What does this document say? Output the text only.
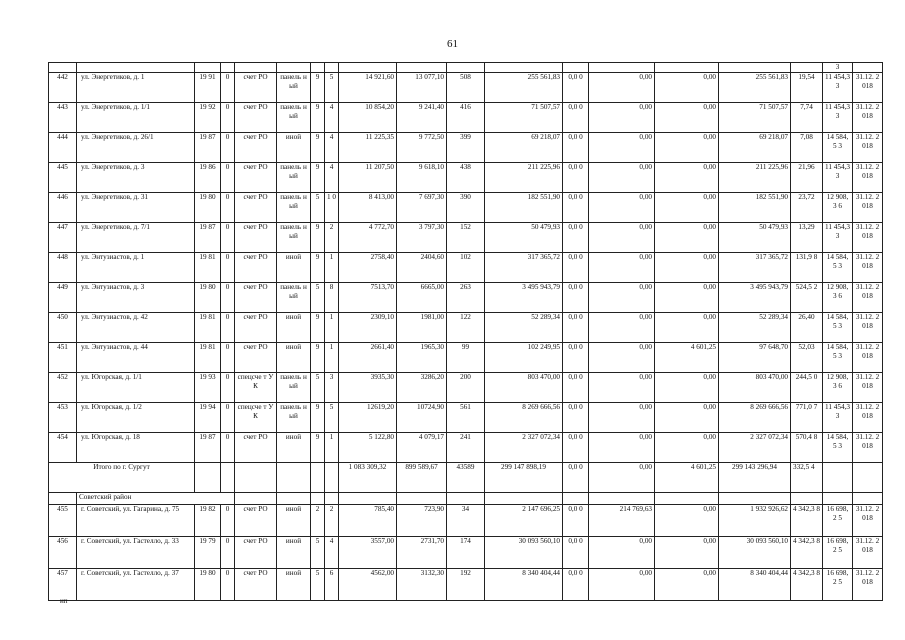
61
																	3	
442	ул. Энергетиков, д. 1	19 91	0	счет РО	панель ный	9	5	14 921,60	13 077,10	508	255 561,83	0,0 0	0,00	0,00	255 561,83	19,54	11 454,3 3	31.12. 2018
443	ул. Энергетиков, д. 1/1	19 92	0	счет РО	панель ный	9	4	10 854,20	9 241,40	416	71 507,57	0,0 0	0,00	0,00	71 507,57	7,74	11 454,3 3	31.12. 2018
444	ул. Энергетиков, д. 26/1	19 87	0	счет РО	иной	9	4	11 225,35	9 772,50	399	69 218,07	0,0 0	0,00	0,00	69 218,07	7,08	14 584,5 3	31.12. 2018
445	ул. Энергетиков, д. 3	19 86	0	счет РО	панель ный	9	4	11 207,50	9 618,10	438	211 225,96	0,0 0	0,00	0,00	211 225,96	21,96	11 454,3 3	31.12. 2018
446	ул. Энергетиков, д. 31	19 80	0	счет РО	панель ный	5	1 0	8 413,00	7 697,30	390	182 551,90	0,0 0	0,00	0,00	182 551,90	23,72	12 908,3 6	31.12. 2018
447	ул. Энергетиков, д. 7/1	19 87	0	счет РО	панель ный	9	2	4 772,70	3 797,30	152	50 479,93	0,0 0	0,00	0,00	50 479,93	13,29	11 454,3 3	31.12. 2018
448	ул. Энтузиастов, д. 1	19 81	0	счет РО	иной	9	1	2758,40	2404,60	102	317 365,72	0,0 0	0,00	0,00	317 365,72	131,9 8	14 584,5 3	31.12. 2018
449	ул. Энтузиастов, д. 3	19 80	0	счет РО	панель ный	5	8	7513,70	6665,00	263	3 495 943,79	0,0 0	0,00	0,00	3 495 943,79	524,5 2	12 908,3 6	31.12. 2018
450	ул. Энтузиастов, д. 42	19 81	0	счет РО	иной	9	1	2309,10	1981,00	122	52 289,34	0,0 0	0,00	0,00	52 289,34	26,40	14 584,5 3	31.12. 2018
451	ул. Энтузиастов, д. 44	19 81	0	счет РО	иной	9	1	2661,40	1965,30	99	102 249,95	0,0 0	0,00	4 601,25	97 648,70	52,03	14 584,5 3	31.12. 2018
452	ул. Югорская, д. 1/1	19 93	0	спецсче т УК	панель ный	5	3	3935,30	3286,20	200	803 470,00	0,0 0	0,00	0,00	803 470,00	244,5 0	12 908,3 6	31.12. 2018
453	ул. Югорская, д. 1/2	19 94	0	спецсче т УК	панель ный	9	5	12619,20	10724,90	561	8 269 666,56	0,0 0	0,00	0,00	8 269 666,56	771,0 7	11 454,3 3	31.12. 2018
454	ул. Югорская, д. 18	19 87	0	счет РО	иной	9	1	5 122,80	4 079,17	241	2 327 072,34	0,0 0	0,00	0,00	2 327 072,34	570,4 8	14 584,5 3	31.12. 2018
Итого по г. Сургут								1 083 309,32	899 589,67	43589	299 147 898,19	0,0 0	0,00	4 601,25	299 143 296,94	332,5 4		
	Советский район																	
455	г. Советский, ул. Гагарина, д. 75	19 82	0	счет РО	иной	2	2	785,40	723,90	34	2 147 696,25	0,0 0	214 769,63	0,00	1 932 926,62	4 342,3 8	16 698,2 5	31.12. 2018
456	г. Советский, ул. Гастелло, д. 33	19 79	0	счет РО	иной	5	4	3557,00	2731,70	174	30 093 560,10	0,0 0	0,00	0,00	30 093 560,10	4 342,3 8	16 698,2 5	31.12. 2018
457	г. Советский, ул. Гастелло, д. 37	19 80	0	счет РО	иной	5	6	4562,00	3132,30	192	8 340 404,44	0,0 0	0,00	0,00	8 340 404,44	4 342,3 8	16 698,2 5	31.12. 2018
ип
